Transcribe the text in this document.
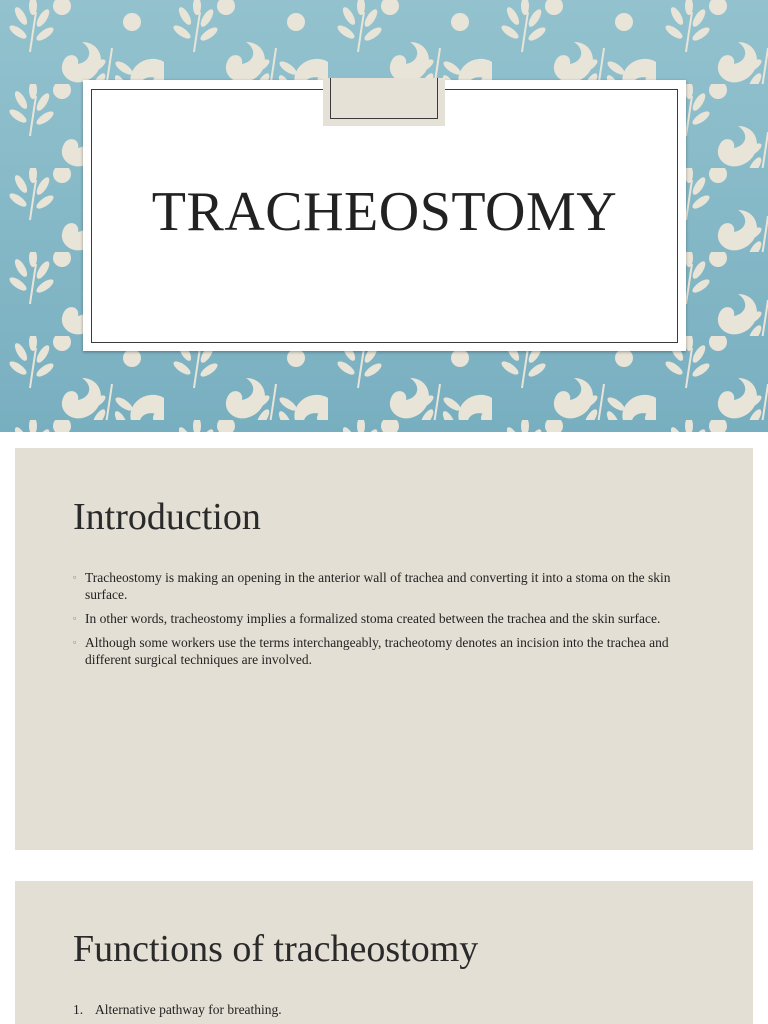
TRACHEOSTOMY
Introduction
▫ Tracheostomy is making an opening in the anterior wall of trachea and converting it into a stoma on the skin surface.
▫ In other words, tracheostomy implies a formalized stoma created between the trachea and the skin surface.
▫ Although some workers use the terms interchangeably, tracheotomy denotes an incision into the trachea and different surgical techniques are involved.
Functions of tracheostomy
1. Alternative pathway for breathing.
